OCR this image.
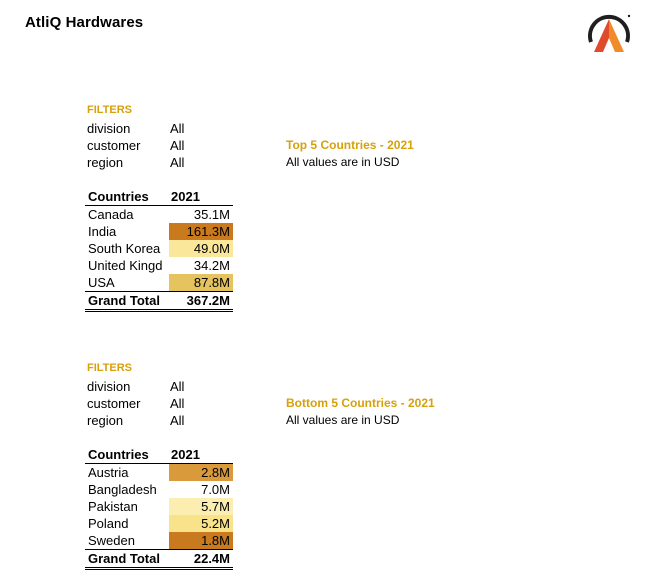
AtliQ Hardwares
FILTERS
division	All
customer All
region	All
Top 5 Countries - 2021
All values are in USD
Countries	2021
Canada	35.1M
India	161.3M
South Korea	49.0M
United Kingd	34.2M
USA	87.8M
Grand Total	367.2M
FILTERS
division	All
customer All
region	All
Bottom 5 Countries - 2021
All values are in USD
Countries	2021
Austria	2.8M
Bangladesh	7.0M
Pakistan	5.7M
Poland	5.2M
Sweden	1.8M
Grand Total	22.4M
